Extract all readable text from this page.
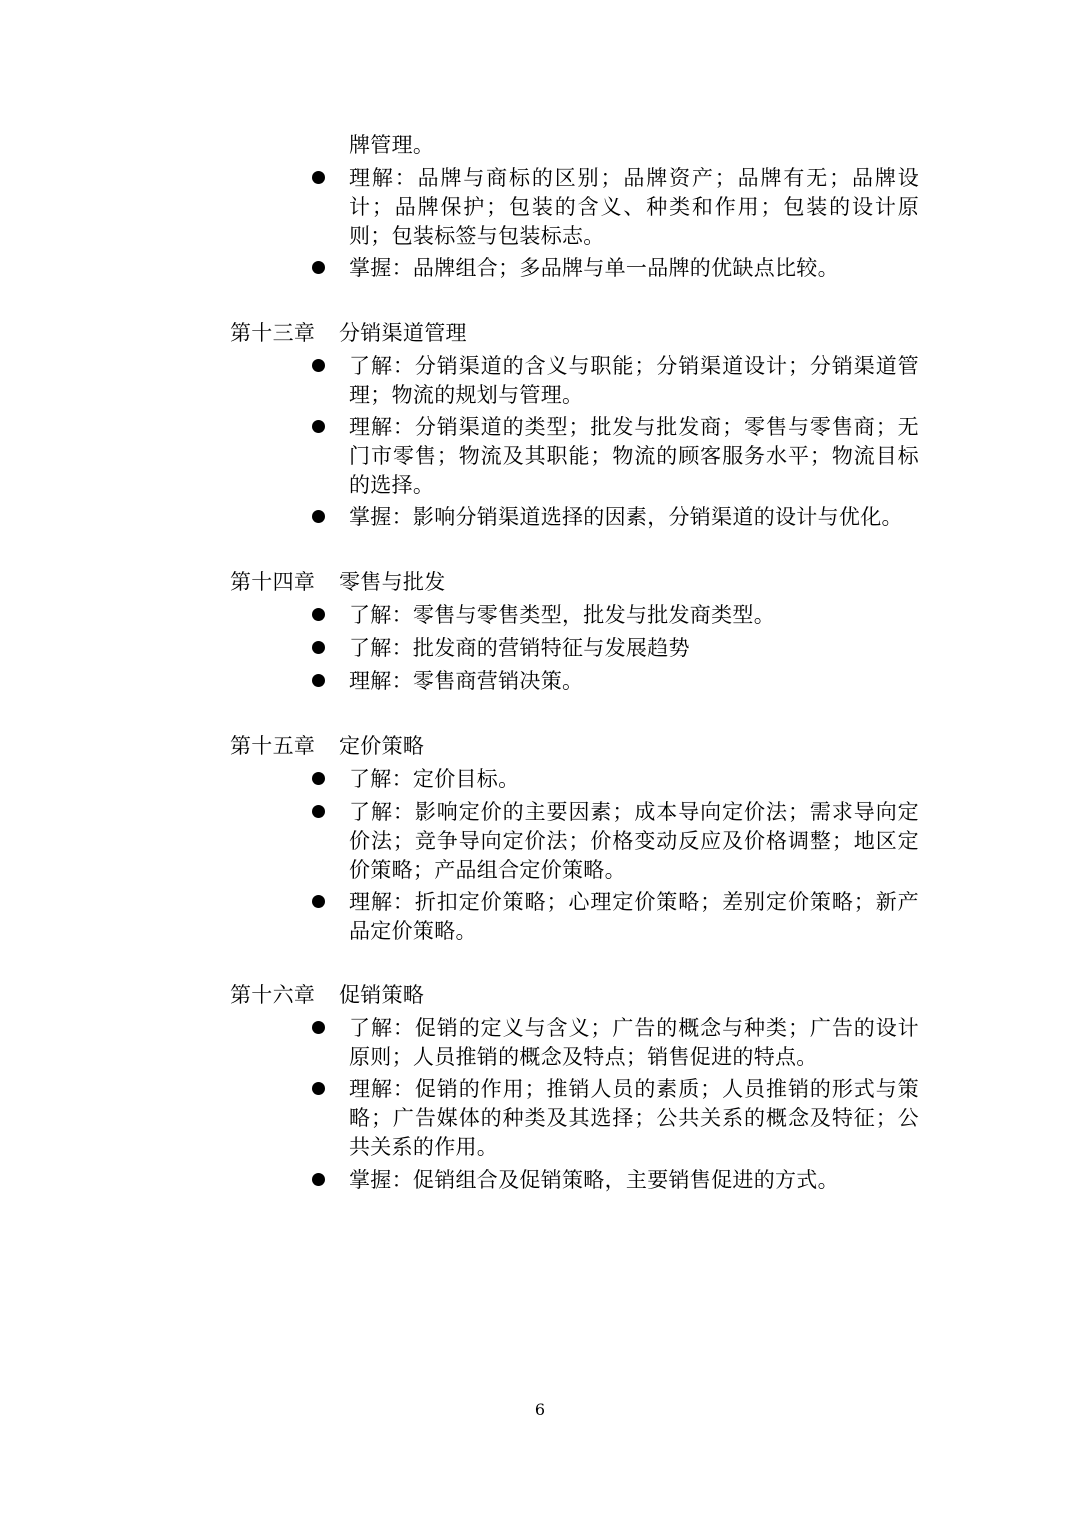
牌管理。
理解：品牌与商标的区别；品牌资产；品牌有无；品牌设计；品牌保护；包装的含义、种类和作用；包装的设计原则；包装标签与包装标志。
掌握：品牌组合；多品牌与单一品牌的优缺点比较。
第十三章 分销渠道管理
了解：分销渠道的含义与职能；分销渠道设计；分销渠道管理；物流的规划与管理。
理解：分销渠道的类型；批发与批发商；零售与零售商；无门市零售；物流及其职能；物流的顾客服务水平；物流目标的选择。
掌握：影响分销渠道选择的因素，分销渠道的设计与优化。
第十四章 零售与批发
了解：零售与零售类型，批发与批发商类型。
了解：批发商的营销特征与发展趋势
理解：零售商营销决策。
第十五章 定价策略
了解：定价目标。
了解：影响定价的主要因素；成本导向定价法；需求导向定价法；竞争导向定价法；价格变动反应及价格调整；地区定价策略；产品组合定价策略。
理解：折扣定价策略；心理定价策略；差别定价策略；新产品定价策略。
第十六章 促销策略
了解：促销的定义与含义；广告的概念与种类；广告的设计原则；人员推销的概念及特点；销售促进的特点。
理解：促销的作用；推销人员的素质；人员推销的形式与策略；广告媒体的种类及其选择；公共关系的概念及特征；公共关系的作用。
掌握：促销组合及促销策略，主要销售促进的方式。
6
